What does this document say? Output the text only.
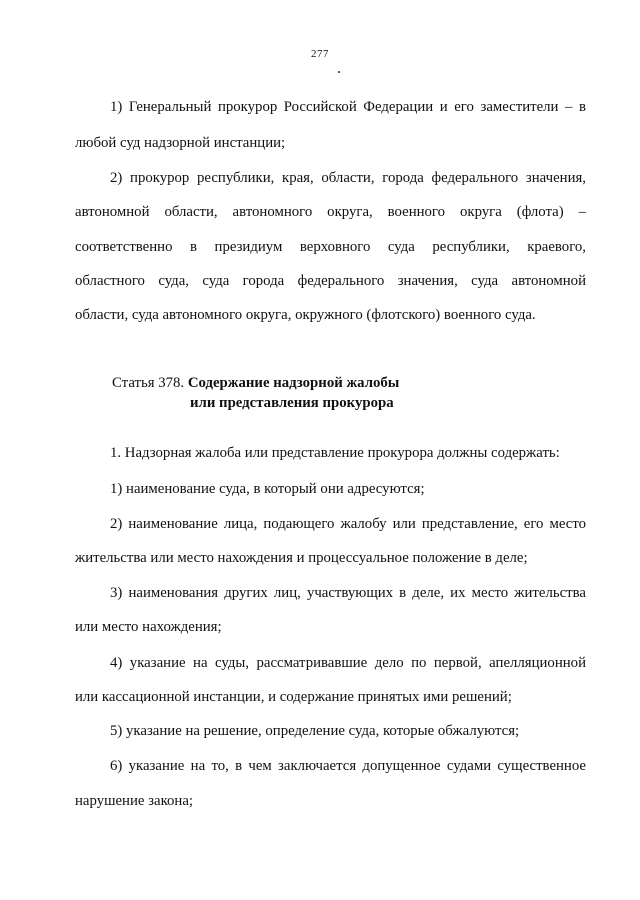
277
1) Генеральный прокурор Российской Федерации и его заместители – в
любой суд надзорной инстанции;
2) прокурор республики, края, области, города федерального значения,
автономной области, автономного округа, военного округа (флота) –
соответственно в президиум верховного суда республики, краевого,
областного суда, суда города федерального значения, суда автономной
области, суда автономного округа, окружного (флотского) военного суда.
Статья 378. Содержание надзорной жалобы
или представления прокурора
1. Надзорная жалоба или представление прокурора должны содержать:
1) наименование суда, в который они адресуются;
2) наименование лица, подающего жалобу или представление, его место
жительства или место нахождения и процессуальное положение в деле;
3) наименования других лиц, участвующих в деле, их место жительства
или место нахождения;
4) указание на суды, рассматривавшие дело по первой, апелляционной
или кассационной инстанции, и содержание принятых ими решений;
5) указание на решение, определение суда, которые обжалуются;
6) указание на то, в чем заключается допущенное судами существенное
нарушение закона;
